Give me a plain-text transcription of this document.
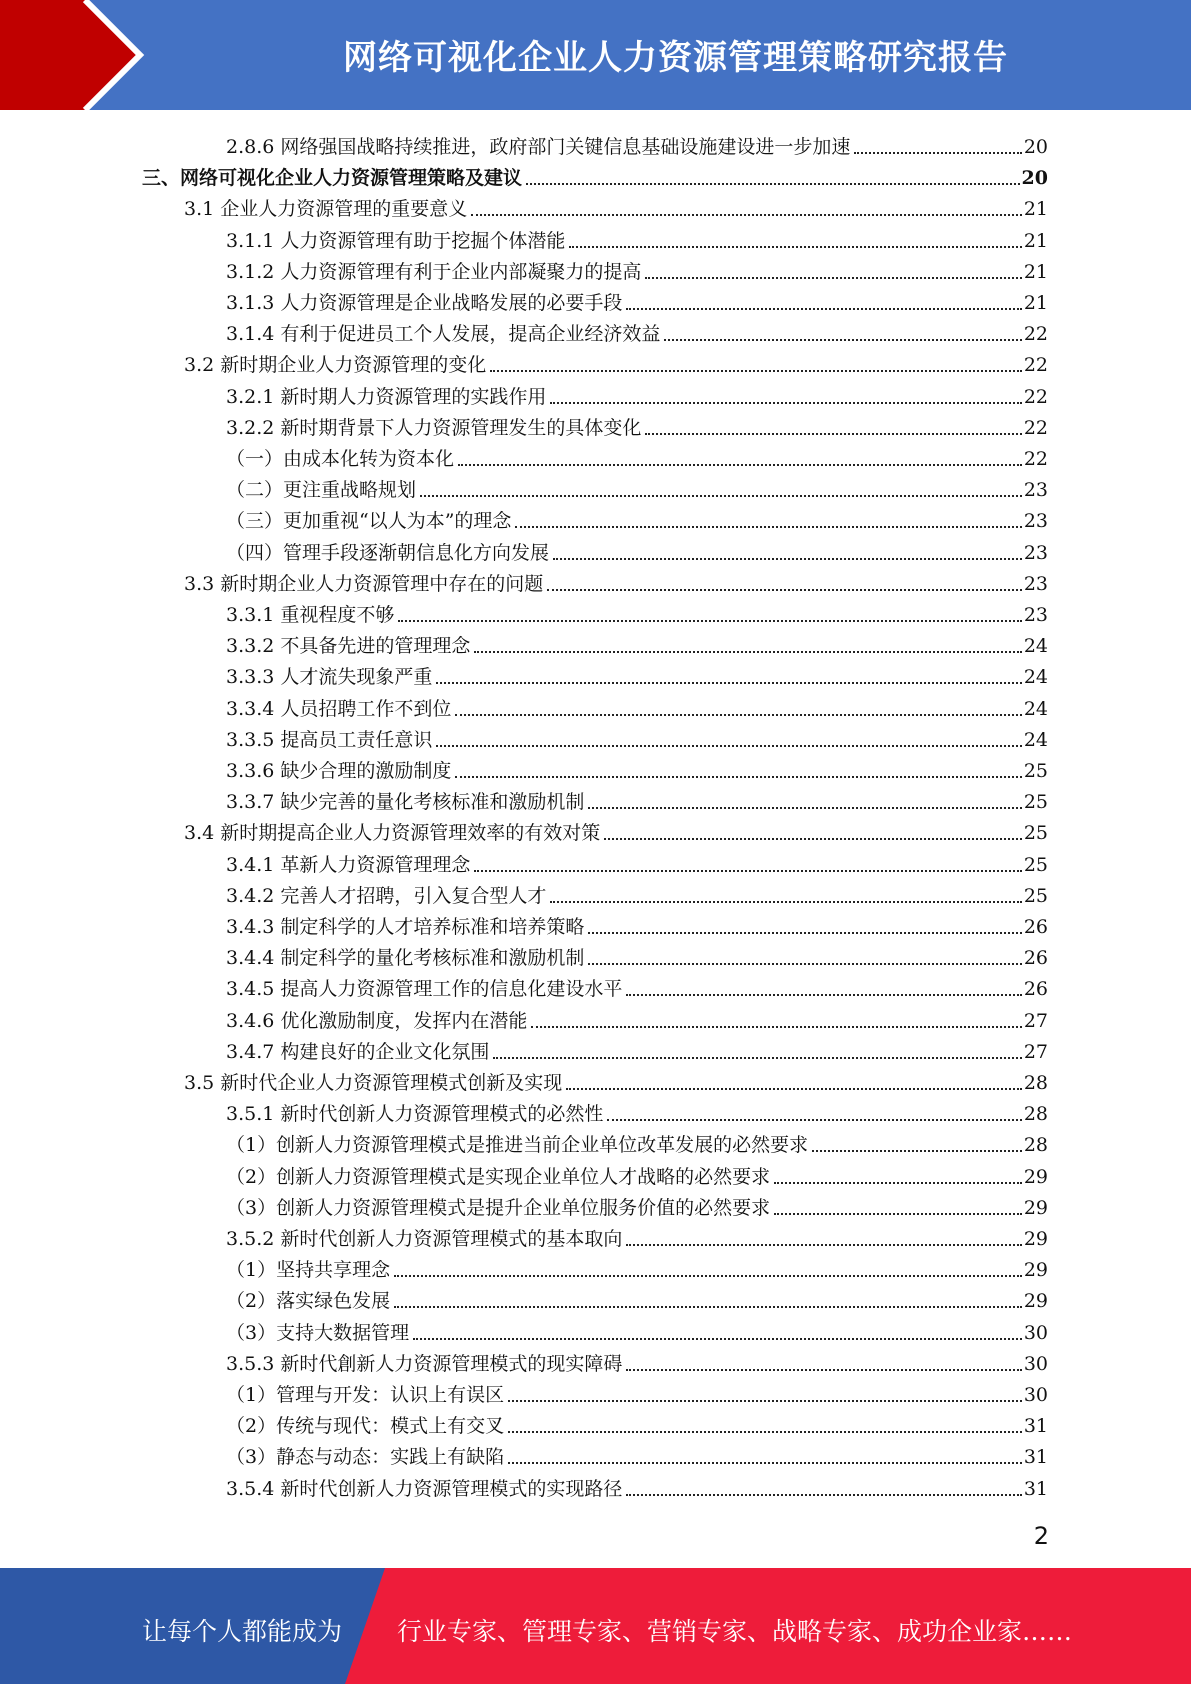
网络可视化企业人力资源管理策略研究报告
2.8.6 网络强国战略持续推进，政府部门关键信息基础设施建设进一步加速	20
三、网络可视化企业人力资源管理策略及建议	20
3.1 企业人力资源管理的重要意义	21
3.1.1 人力资源管理有助于挖掘个体潜能	21
3.1.2 人力资源管理有利于企业内部凝聚力的提高	21
3.1.3 人力资源管理是企业战略发展的必要手段	21
3.1.4 有利于促进员工个人发展，提高企业经济效益	22
3.2 新时期企业人力资源管理的变化	22
3.2.1 新时期人力资源管理的实践作用	22
3.2.2 新时期背景下人力资源管理发生的具体变化	22
（一）由成本化转为资本化	22
（二）更注重战略规划	23
（三）更加重视“以人为本”的理念	23
（四）管理手段逐渐朝信息化方向发展	23
3.3 新时期企业人力资源管理中存在的问题	23
3.3.1 重视程度不够	23
3.3.2 不具备先进的管理理念	24
3.3.3 人才流失现象严重	24
3.3.4 人员招聘工作不到位	24
3.3.5 提高员工责任意识	24
3.3.6 缺少合理的激励制度	25
3.3.7 缺少完善的量化考核标准和激励机制	25
3.4 新时期提高企业人力资源管理效率的有效对策	25
3.4.1 革新人力资源管理理念	25
3.4.2 完善人才招聘，引入复合型人才	25
3.4.3 制定科学的人才培养标准和培养策略	26
3.4.4 制定科学的量化考核标准和激励机制	26
3.4.5 提高人力资源管理工作的信息化建设水平	26
3.4.6 优化激励制度，发挥内在潜能	27
3.4.7 构建良好的企业文化氛围	27
3.5 新时代企业人力资源管理模式创新及实现	28
3.5.1 新时代创新人力资源管理模式的必然性	28
（1）创新人力资源管理模式是推进当前企业单位改革发展的必然要求	28
（2）创新人力资源管理模式是实现企业单位人才战略的必然要求	29
（3）创新人力资源管理模式是提升企业单位服务价值的必然要求	29
3.5.2 新时代创新人力资源管理模式的基本取向	29
（1）坚持共享理念	29
（2）落实绿色发展	29
（3）支持大数据管理	30
3.5.3 新时代創新人力资源管理模式的现实障碍	30
（1）管理与开发：认识上有误区	30
（2）传统与现代：模式上有交叉	31
（3）静态与动态：实践上有缺陷	31
3.5.4 新时代创新人力资源管理模式的实现路径	31
2
让每个人都能成为 行业专家、管理专家、营销专家、战略专家、成功企业家……
